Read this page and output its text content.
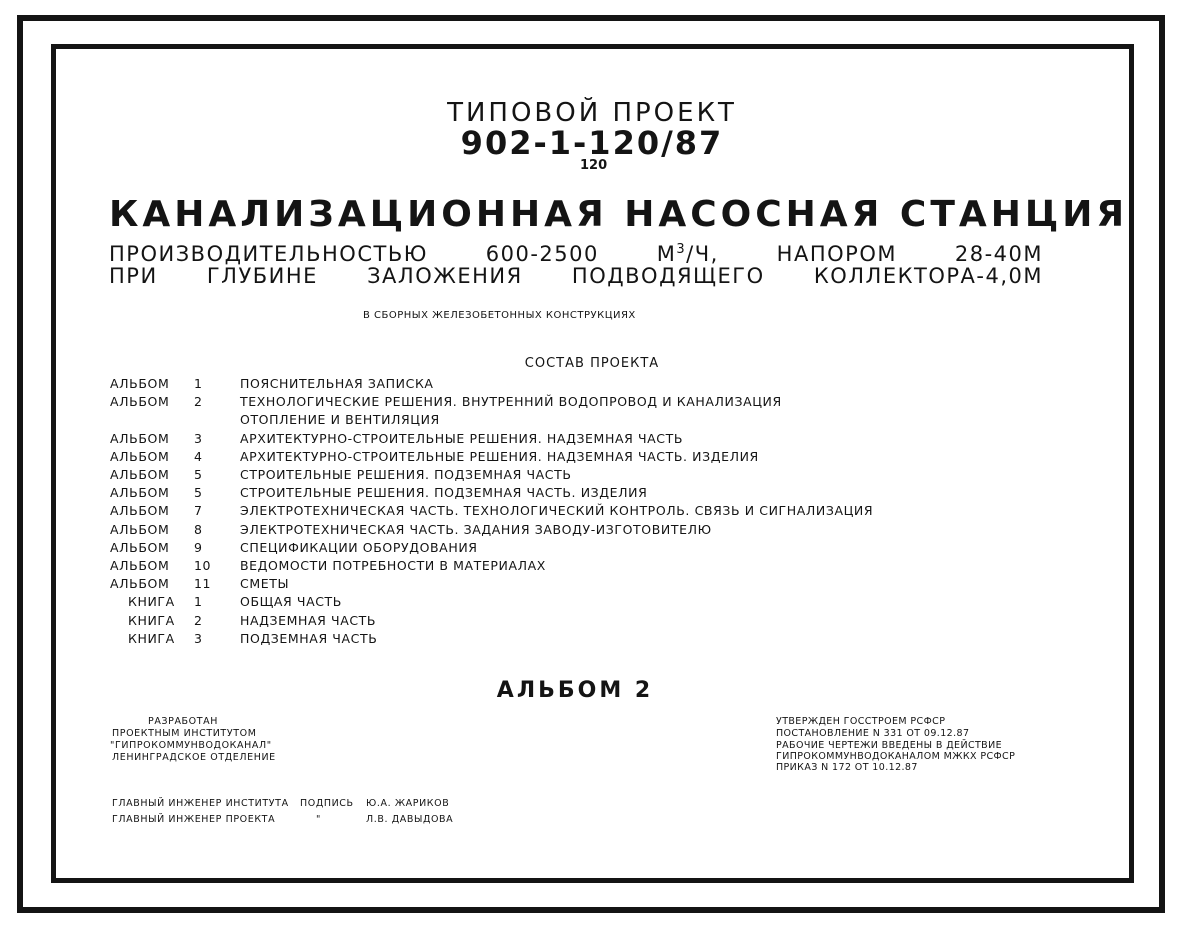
ТИПОВОЙ ПРОЕКТ
902-1-120/87
120
КАНАЛИЗАЦИОННАЯ НАСОСНАЯ СТАНЦИЯ
ПРОИЗВОДИТЕЛЬНОСТЬЮ 600-2500 $М^3/Ч$, НАПОРОМ 28-40М
ПРИ ГЛУБИНЕ ЗАЛОЖЕНИЯ ПОДВОДЯЩЕГО КОЛЛЕКТОРА-4,0М
В СБОРНЫХ ЖЕЛЕЗОБЕТОННЫХ КОНСТРУКЦИЯХ
СОСТАВ ПРОЕКТА
АЛЬБОМ 1	ПОЯСНИТЕЛЬНАЯ ЗАПИСКА
АЛЬБОМ 2	ТЕХНОЛОГИЧЕСКИЕ РЕШЕНИЯ. ВНУТРЕННИЙ ВОДОПРОВОД И КАНАЛИЗАЦИЯ
ОТОПЛЕНИЕ И ВЕНТИЛЯЦИЯ
АЛЬБОМ 3	АРХИТЕКТУРНО-СТРОИТЕЛЬНЫЕ РЕШЕНИЯ. НАДЗЕМНАЯ ЧАСТЬ
АЛЬБОМ 4	АРХИТЕКТУРНО-СТРОИТЕЛЬНЫЕ РЕШЕНИЯ. НАДЗЕМНАЯ ЧАСТЬ. ИЗДЕЛИЯ
АЛЬБОМ 5	СТРОИТЕЛЬНЫЕ РЕШЕНИЯ. ПОДЗЕМНАЯ ЧАСТЬ
АЛЬБОМ 5	СТРОИТЕЛЬНЫЕ РЕШЕНИЯ. ПОДЗЕМНАЯ ЧАСТЬ. ИЗДЕЛИЯ
АЛЬБОМ 7	ЭЛЕКТРОТЕХНИЧЕСКАЯ ЧАСТЬ. ТЕХНОЛОГИЧЕСКИЙ КОНТРОЛЬ. СВЯЗЬ И СИГНАЛИЗАЦИЯ
АЛЬБОМ 8	ЭЛЕКТРОТЕХНИЧЕСКАЯ ЧАСТЬ. ЗАДАНИЯ ЗАВОДУ-ИЗГОТОВИТЕЛЮ
АЛЬБОМ 9	СПЕЦИФИКАЦИИ ОБОРУДОВАНИЯ
АЛЬБОМ 10 ВЕДОМОСТИ ПОТРЕБНОСТИ В МАТЕРИАЛАХ
АЛЬБОМ 11 СМЕТЫ
КНИГА 1	ОБЩАЯ ЧАСТЬ
КНИГА 2	НАДЗЕМНАЯ ЧАСТЬ
КНИГА 3	ПОДЗЕМНАЯ ЧАСТЬ
АЛЬБОМ 2
РАЗРАБОТАН
ПРОЕКТНЫМ ИНСТИТУТОМ
"ГИПРОКОММУНВОДОКАНАЛ"
ЛЕНИНГРАДСКОЕ ОТДЕЛЕНИЕ
УТВЕРЖДЕН ГОССТРОЕМ РСФСР
ПОСТАНОВЛЕНИЕ N 331 ОТ 09.12.87
РАБОЧИЕ ЧЕРТЕЖИ ВВЕДЕНЫ В ДЕЙСТВИЕ
ГИПРОКОММУНВОДОКАНАЛОМ МЖКХ РСФСР
ПРИКАЗ N 172 ОТ 10.12.87
ГЛАВНЫЙ ИНЖЕНЕР ИНСТИТУТА ПОДПИСЬ Ю.А. ЖАРИКОВ
ГЛАВНЫЙ ИНЖЕНЕР ПРОЕКТА	"	Л.В. ДАВЫДОВА
